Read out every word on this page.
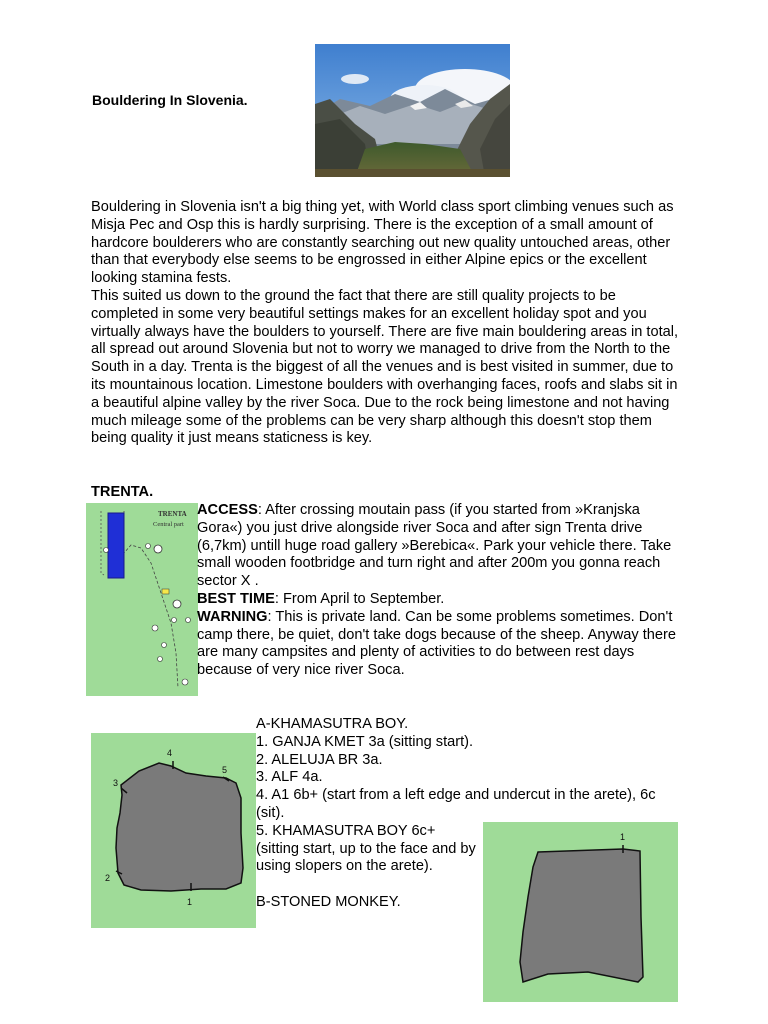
Bouldering In Slovenia.

Bouldering in Slovenia isn't a big thing yet, with World class sport climbing venues such as Misja Pec and Osp this is hardly surprising. There is the exception of a small amount of hardcore boulderers who are constantly searching out new quality untouched areas, other than that everybody else seems to be engrossed in either Alpine epics or the excellent looking stamina fests.

This suited us down to the ground the fact that there are still quality projects to be completed in some very beautiful settings makes for an excellent holiday spot and you virtually always have the boulders to yourself. There are five main bouldering areas in total, all spread out around Slovenia but not to worry we managed to drive from the North to the South in a day. Trenta is the biggest of all the venues and is best visited in summer, due to its mountainous location. Limestone boulders with overhanging faces, roofs and slabs sit in a beautiful alpine valley by the river Soca. Due to the rock being limestone and not having much mileage some of the problems can be very sharp although this doesn't stop them being quality it just means staticness is key.

TRENTA.
TRENTA
Central part

ACCESS: After crossing moutain pass (if you started from »Kranjska Gora«) you just drive alongside river Soca and after sign Trenta drive (6,7km) untill huge road gallery »Berebica«. Park your vehicle there. Take small wooden footbridge and turn right and after 200m you gonna reach sector X .

BEST TIME: From April to September.

WARNING: This is private land. Can be some problems sometimes. Don't camp there, be quiet, don't take dogs because of the sheep. Anyway there are many campsites and plenty of activities to do between rest days because of very nice river Soca.

A-KHAMASUTRA BOY.

1. GANJA KMET 3a (sitting start).

2. ALELUJA BR 3a.

3. ALF 4a.

4. A1 6b+ (start from a left edge and undercut in the arete), 6c (sit).

5. KHAMASUTRA BOY 6c+ (sitting start, up to the face and by using slopers on the arete).

B-STONED MONKEY.

1
2
3
4
5
1
